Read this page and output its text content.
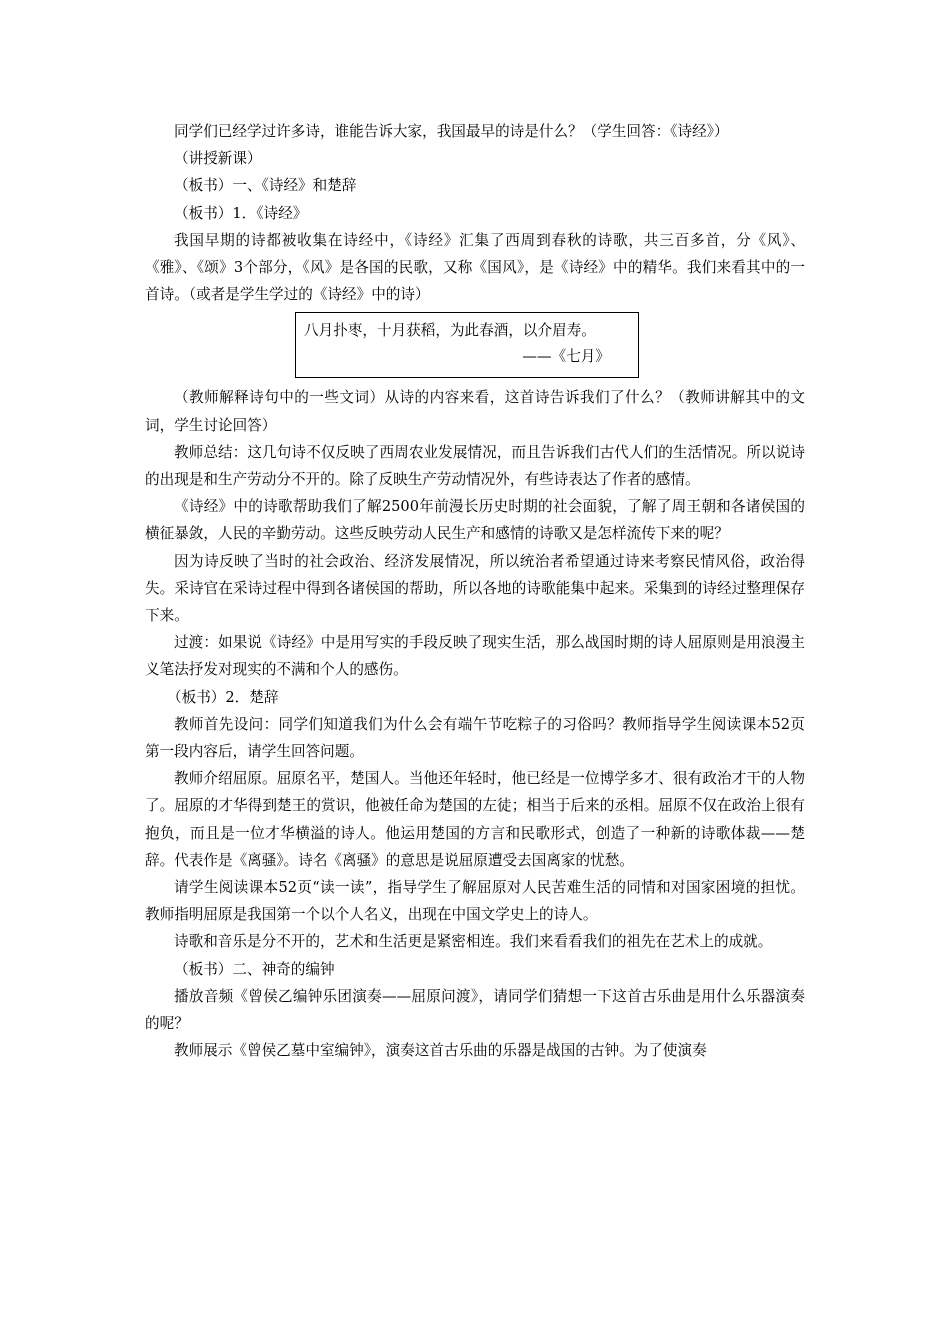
同学们已经学过许多诗，谁能告诉大家，我国最早的诗是什么？（学生回答：《诗经》）

（讲授新课）

（板书）一、《诗经》和楚辞

（板书）1．《诗经》

我国早期的诗都被收集在诗经中，《诗经》汇集了西周到春秋的诗歌，共三百多首，分《风》、《雅》、《颂》3个部分，《风》是各国的民歌，又称《国风》，是《诗经》中的精华。我们来看其中的一首诗。（或者是学生学过的《诗经》中的诗）

八月扑枣，十月获稻，为此春酒，以介眉寿。

——《七月》

（教师解释诗句中的一些文词）从诗的内容来看，这首诗告诉我们了什么？（教师讲解其中的文词，学生讨论回答）

教师总结：这几句诗不仅反映了西周农业发展情况，而且告诉我们古代人们的生活情况。所以说诗的出现是和生产劳动分不开的。除了反映生产劳动情况外，有些诗表达了作者的感情。

《诗经》中的诗歌帮助我们了解2500年前漫长历史时期的社会面貌，了解了周王朝和各诸侯国的横征暴敛，人民的辛勤劳动。这些反映劳动人民生产和感情的诗歌又是怎样流传下来的呢？

因为诗反映了当时的社会政治、经济发展情况，所以统治者希望通过诗来考察民情风俗，政治得失。采诗官在采诗过程中得到各诸侯国的帮助，所以各地的诗歌能集中起来。采集到的诗经过整理保存下来。

过渡：如果说《诗经》中是用写实的手段反映了现实生活，那么战国时期的诗人屈原则是用浪漫主义笔法抒发对现实的不满和个人的感伤。

（板书）2．楚辞

教师首先设问：同学们知道我们为什么会有端午节吃粽子的习俗吗？教师指导学生阅读课本52页第一段内容后，请学生回答问题。

教师介绍屈原。屈原名平，楚国人。当他还年轻时，他已经是一位博学多才、很有政治才干的人物了。屈原的才华得到楚王的赏识，他被任命为楚国的左徒；相当于后来的丞相。屈原不仅在政治上很有抱负，而且是一位才华横溢的诗人。他运用楚国的方言和民歌形式，创造了一种新的诗歌体裁——楚辞。代表作是《离骚》。诗名《离骚》的意思是说屈原遭受去国离家的忧愁。

请学生阅读课本52页“读一读”，指导学生了解屈原对人民苦难生活的同情和对国家困境的担忧。教师指明屈原是我国第一个以个人名义，出现在中国文学史上的诗人。

诗歌和音乐是分不开的，艺术和生活更是紧密相连。我们来看看我们的祖先在艺术上的成就。

（板书）二、神奇的编钟

播放音频《曾侯乙编钟乐团演奏——屈原问渡》，请同学们猜想一下这首古乐曲是用什么乐器演奏的呢？

教师展示《曾侯乙墓中室编钟》，演奏这首古乐曲的乐器是战国的古钟。为了使演奏
